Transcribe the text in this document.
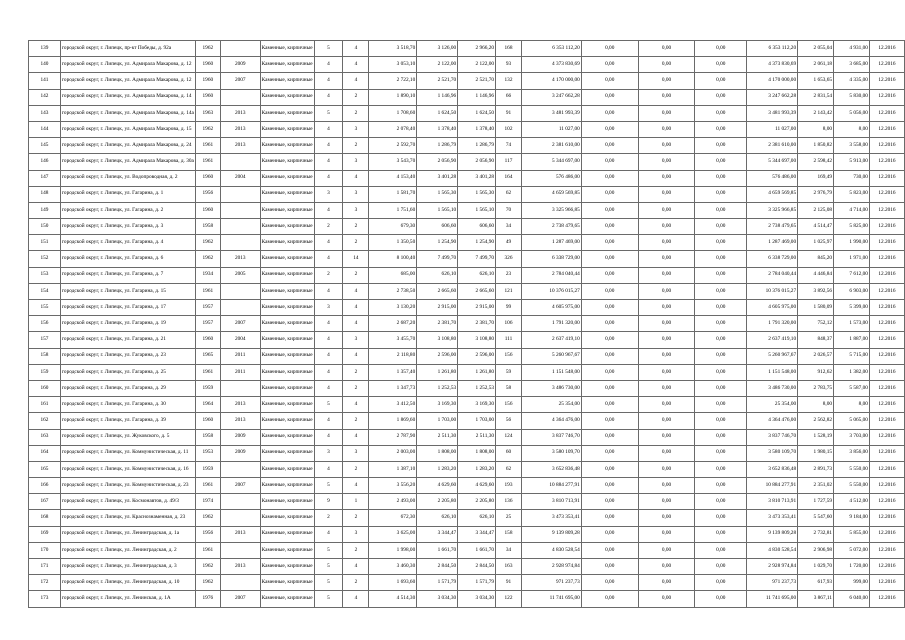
139	городской округ, г. Липецк, пр-кт Победы, д. 92а	1962		Каменные, кирпичные	5	4	3 518,70	3 126,00	2 966,20	168	6 353 112,20	0,00	0,00	0,00	6 353 112,20	2 055,04	4 931,00	12.2016
140	городской округ, г. Липецк, ул. Адмирала Макарова, д. 12	1960	2009	Каменные, кирпичные	4	4	3 053,10	2 122,00	2 122,00	93	4 373 830,69	0,00	0,00	0,00	4 373 830,69	2 061,18	3 685,00	12.2016
141	городской округ, г. Липецк, ул. Адмирала Макарова, д. 12	1960	2007	Каменные, кирпичные	4	4	2 722,10	2 521,70	2 521,70	132	4 170 000,00	0,00	0,00	0,00	4 170 000,00	1 653,65	4 335,00	12.2016
142	городской округ, г. Липецк, ул. Адмирала Макарова, д. 14	1960		Каменные, кирпичные	4	2	1 890,10	1 146,96	1 146,96	66	3 247 662,28	0,00	0,00	0,00	3 247 662,28	2 831,54	5 830,00	12.2016
143	городской округ, г. Липецк, ул. Адмирала Макарова, д. 14а	1963	2013	Каменные, кирпичные	5	2	1 708,60	1 624,50	1 624,50	91	3 481 993,39	0,00	0,00	0,00	3 481 993,39	2 143,42	5 056,00	12.2016
144	городской округ, г. Липецк, ул. Адмирала Макарова, д. 15	1962	2013	Каменные, кирпичные	4	3	2 078,40	1 378,40	1 378,40	102	11 027,00	0,00	0,00	0,00	11 027,00	8,00	8,00	12.2016
145	городской округ, г. Липецк, ул. Адмирала Макарова, д. 24	1961	2013	Каменные, кирпичные	4	2	2 592,70	1 286,79	1 286,79	74	2 381 610,00	0,00	0,00	0,00	2 381 610,00	1 850,82	3 558,00	12.2016
146	городской округ, г. Липецк, ул. Адмирала Макарова, д. 30а	1961		Каменные, кирпичные	4	3	3 543,70	2 056,90	2 056,90	117	5 344 697,00	0,00	0,00	0,00	5 344 697,00	2 598,42	5 913,00	12.2016
147	городской округ, г. Липецк, ул. Водопроводная, д. 2	1960	2004	Каменные, кирпичные	4	4	4 153,40	3 401,28	3 401,28	164	576 486,00	0,00	0,00	0,00	576 486,00	169,49	730,00	12.2016
148	городской округ, г. Липецк, ул. Гагарина, д. 1	1956		Каменные, кирпичные	3	3	1 581,70	1 565,30	1 565,30	62	4 659 569,85	0,00	0,00	0,00	4 659 569,85	2 976,79	5 823,00	12.2016
149	городской округ, г. Липецк, ул. Гагарина, д. 2	1960		Каменные, кирпичные	4	3	1 751,60	1 565,10	1 565,10	70	3 325 966,85	0,00	0,00	0,00	3 325 966,85	2 125,08	4 714,00	12.2016
150	городской округ, г. Липецк, ул. Гагарина, д. 3	1958		Каменные, кирпичные	2	2	679,30	606,60	606,60	34	2 738 479,65	0,00	0,00	0,00	2 738 479,65	4 514,47	5 825,00	12.2016
151	городской округ, г. Липецк, ул. Гагарина, д. 4	1962		Каменные, кирпичные	4	2	1 350,50	1 254,90	1 254,90	49	1 287 469,00	0,00	0,00	0,00	1 287 469,00	1 025,97	1 990,00	12.2016
152	городской округ, г. Липецк, ул. Гагарина, д. 6	1962	2013	Каменные, кирпичные	4	14	8 100,40	7 499,70	7 499,70	326	6 338 729,00	0,00	0,00	0,00	6 338 729,00	845,20	1 971,00	12.2016
153	городской округ, г. Липецк, ул. Гагарина, д. 7	1934	2005	Каменные, кирпичные	2	2	685,00	626,10	626,10	23	2 784 040,44	0,00	0,00	0,00	2 784 040,44	4 446,84	7 612,00	12.2016
154	городской округ, г. Липецк, ул. Гагарина, д. 15	1961		Каменные, кирпичные	4	4	2 738,50	2 665,60	2 665,60	121	10 376 015,27	0,00	0,00	0,00	10 376 015,27	3 892,56	6 903,00	12.2016
155	городской округ, г. Липецк, ул. Гагарина, д. 17	1957		Каменные, кирпичные	3	4	3 130,20	2 915,00	2 915,00	99	4 605 975,00	0,00	0,00	0,00	4 605 975,00	1 580,09	5 399,00	12.2016
156	городской округ, г. Липецк, ул. Гагарина, д. 19	1957	2007	Каменные, кирпичные	4	4	2 687,20	2 381,70	2 381,70	106	1 791 320,00	0,00	0,00	0,00	1 791 320,00	752,12	1 573,00	12.2016
157	городской округ, г. Липецк, ул. Гагарина, д. 21	1960	2004	Каменные, кирпичные	4	3	3 455,70	3 108,80	3 108,80	111	2 637 419,10	0,00	0,00	0,00	2 637 419,10	848,37	1 887,00	12.2016
158	городской округ, г. Липецк, ул. Гагарина, д. 23	1965	2011	Каменные, кирпичные	4	4	2 118,80	2 596,00	2 596,00	156	5 260 967,67	0,00	0,00	0,00	5 260 967,67	2 026,57	5 715,00	12.2016
159	городской округ, г. Липецк, ул. Гагарина, д. 25	1961	2011	Каменные, кирпичные	4	2	1 357,40	1 261,80	1 261,80	59	1 151 548,00	0,00	0,00	0,00	1 151 548,00	912,62	1 382,00	12.2016
160	городской округ, г. Липецк, ул. Гагарина, д. 29	1959		Каменные, кирпичные	4	2	1 347,73	1 252,53	1 252,53	58	3 486 730,00	0,00	0,00	0,00	3 486 730,00	2 783,75	5 587,00	12.2016
161	городской округ, г. Липецк, ул. Гагарина, д. 30	1964	2013	Каменные, кирпичные	5	4	3 412,50	3 169,30	3 169,30	156	25 354,00	0,00	0,00	0,00	25 354,00	8,00	8,00	12.2016
162	городской округ, г. Липецк, ул. Гагарина, д. 39	1960	2013	Каменные, кирпичные	4	2	1 869,60	1 703,00	1 703,00	56	4 364 476,00	0,00	0,00	0,00	4 364 476,00	2 562,82	5 065,00	12.2016
163	городской округ, г. Липецк, ул. Жуковского, д. 5	1958	2009	Каменные, кирпичные	4	4	2 787,90	2 511,30	2 511,30	124	3 837 746,70	0,00	0,00	0,00	3 837 746,70	1 528,19	3 703,00	12.2016
164	городской округ, г. Липецк, ул. Коммунистическая, д. 11	1953	2009	Каменные, кирпичные	3	3	2 003,00	1 808,00	1 808,00	60	3 580 109,70	0,00	0,00	0,00	3 580 109,70	1 980,15	3 856,00	12.2016
165	городской округ, г. Липецк, ул. Коммунистическая, д. 16	1959		Каменные, кирпичные	4	2	1 387,10	1 283,20	1 283,20	62	3 652 836,48	0,00	0,00	0,00	3 652 836,48	2 891,73	5 550,00	12.2016
166	городской округ, г. Липецк, ул. Коммунистическая, д. 23	1961	2007	Каменные, кирпичные	5	4	3 556,20	4 629,60	4 629,60	193	10 884 277,91	0,00	0,00	0,00	10 884 277,91	2 351,02	5 550,00	12.2016
167	городской округ, г. Липецк, ул. Космонавтов, д. 49/3	1974		Каменные, кирпичные	9	1	2 493,00	2 205,80	2 205,80	136	3 810 713,91	0,00	0,00	0,00	3 810 713,91	1 727,59	4 512,00	12.2016
168	городской округ, г. Липецк, ул. Краснознаменная, д. 23	1962		Каменные, кирпичные	2	2	672,30	626,10	626,10	25	3 473 353,41	0,00	0,00	0,00	3 473 353,41	5 547,60	9 184,00	12.2016
169	городской округ, г. Липецк, ул. Ленинградская, д. 1а	1956	2013	Каменные, кирпичные	4	3	3 625,00	3 344,47	3 344,47	158	9 139 809,28	0,00	0,00	0,00	9 139 809,28	2 732,81	5 855,00	12.2016
170	городской округ, г. Липецк, ул. Ленинградская, д. 2	1961		Каменные, кирпичные	5	2	1 998,00	1 661,70	1 661,70	34	4 830 528,54	0,00	0,00	0,00	4 830 528,54	2 906,98	5 072,00	12.2016
171	городской округ, г. Липецк, ул. Ленинградская, д. 3	1962	2013	Каменные, кирпичные	5	4	3 460,30	2 844,50	2 844,50	163	2 928 974,84	0,00	0,00	0,00	2 928 974,84	1 029,70	1 720,00	12.2016
172	городской округ, г. Липецк, ул. Ленинградская, д. 10	1962		Каменные, кирпичные	5	2	1 693,60	1 571,79	1 571,79	91	971 237,73	0,00	0,00	0,00	971 237,73	617,93	999,00	12.2016
173	городской округ, г. Липецк, ул. Ленинская, д. 1А	1976	2007	Каменные, кирпичные	5	4	4 514,30	3 034,30	3 034,30	122	11 741 695,00	0,00	0,00	0,00	11 741 695,00	3 867,11	6 040,00	12.2016
